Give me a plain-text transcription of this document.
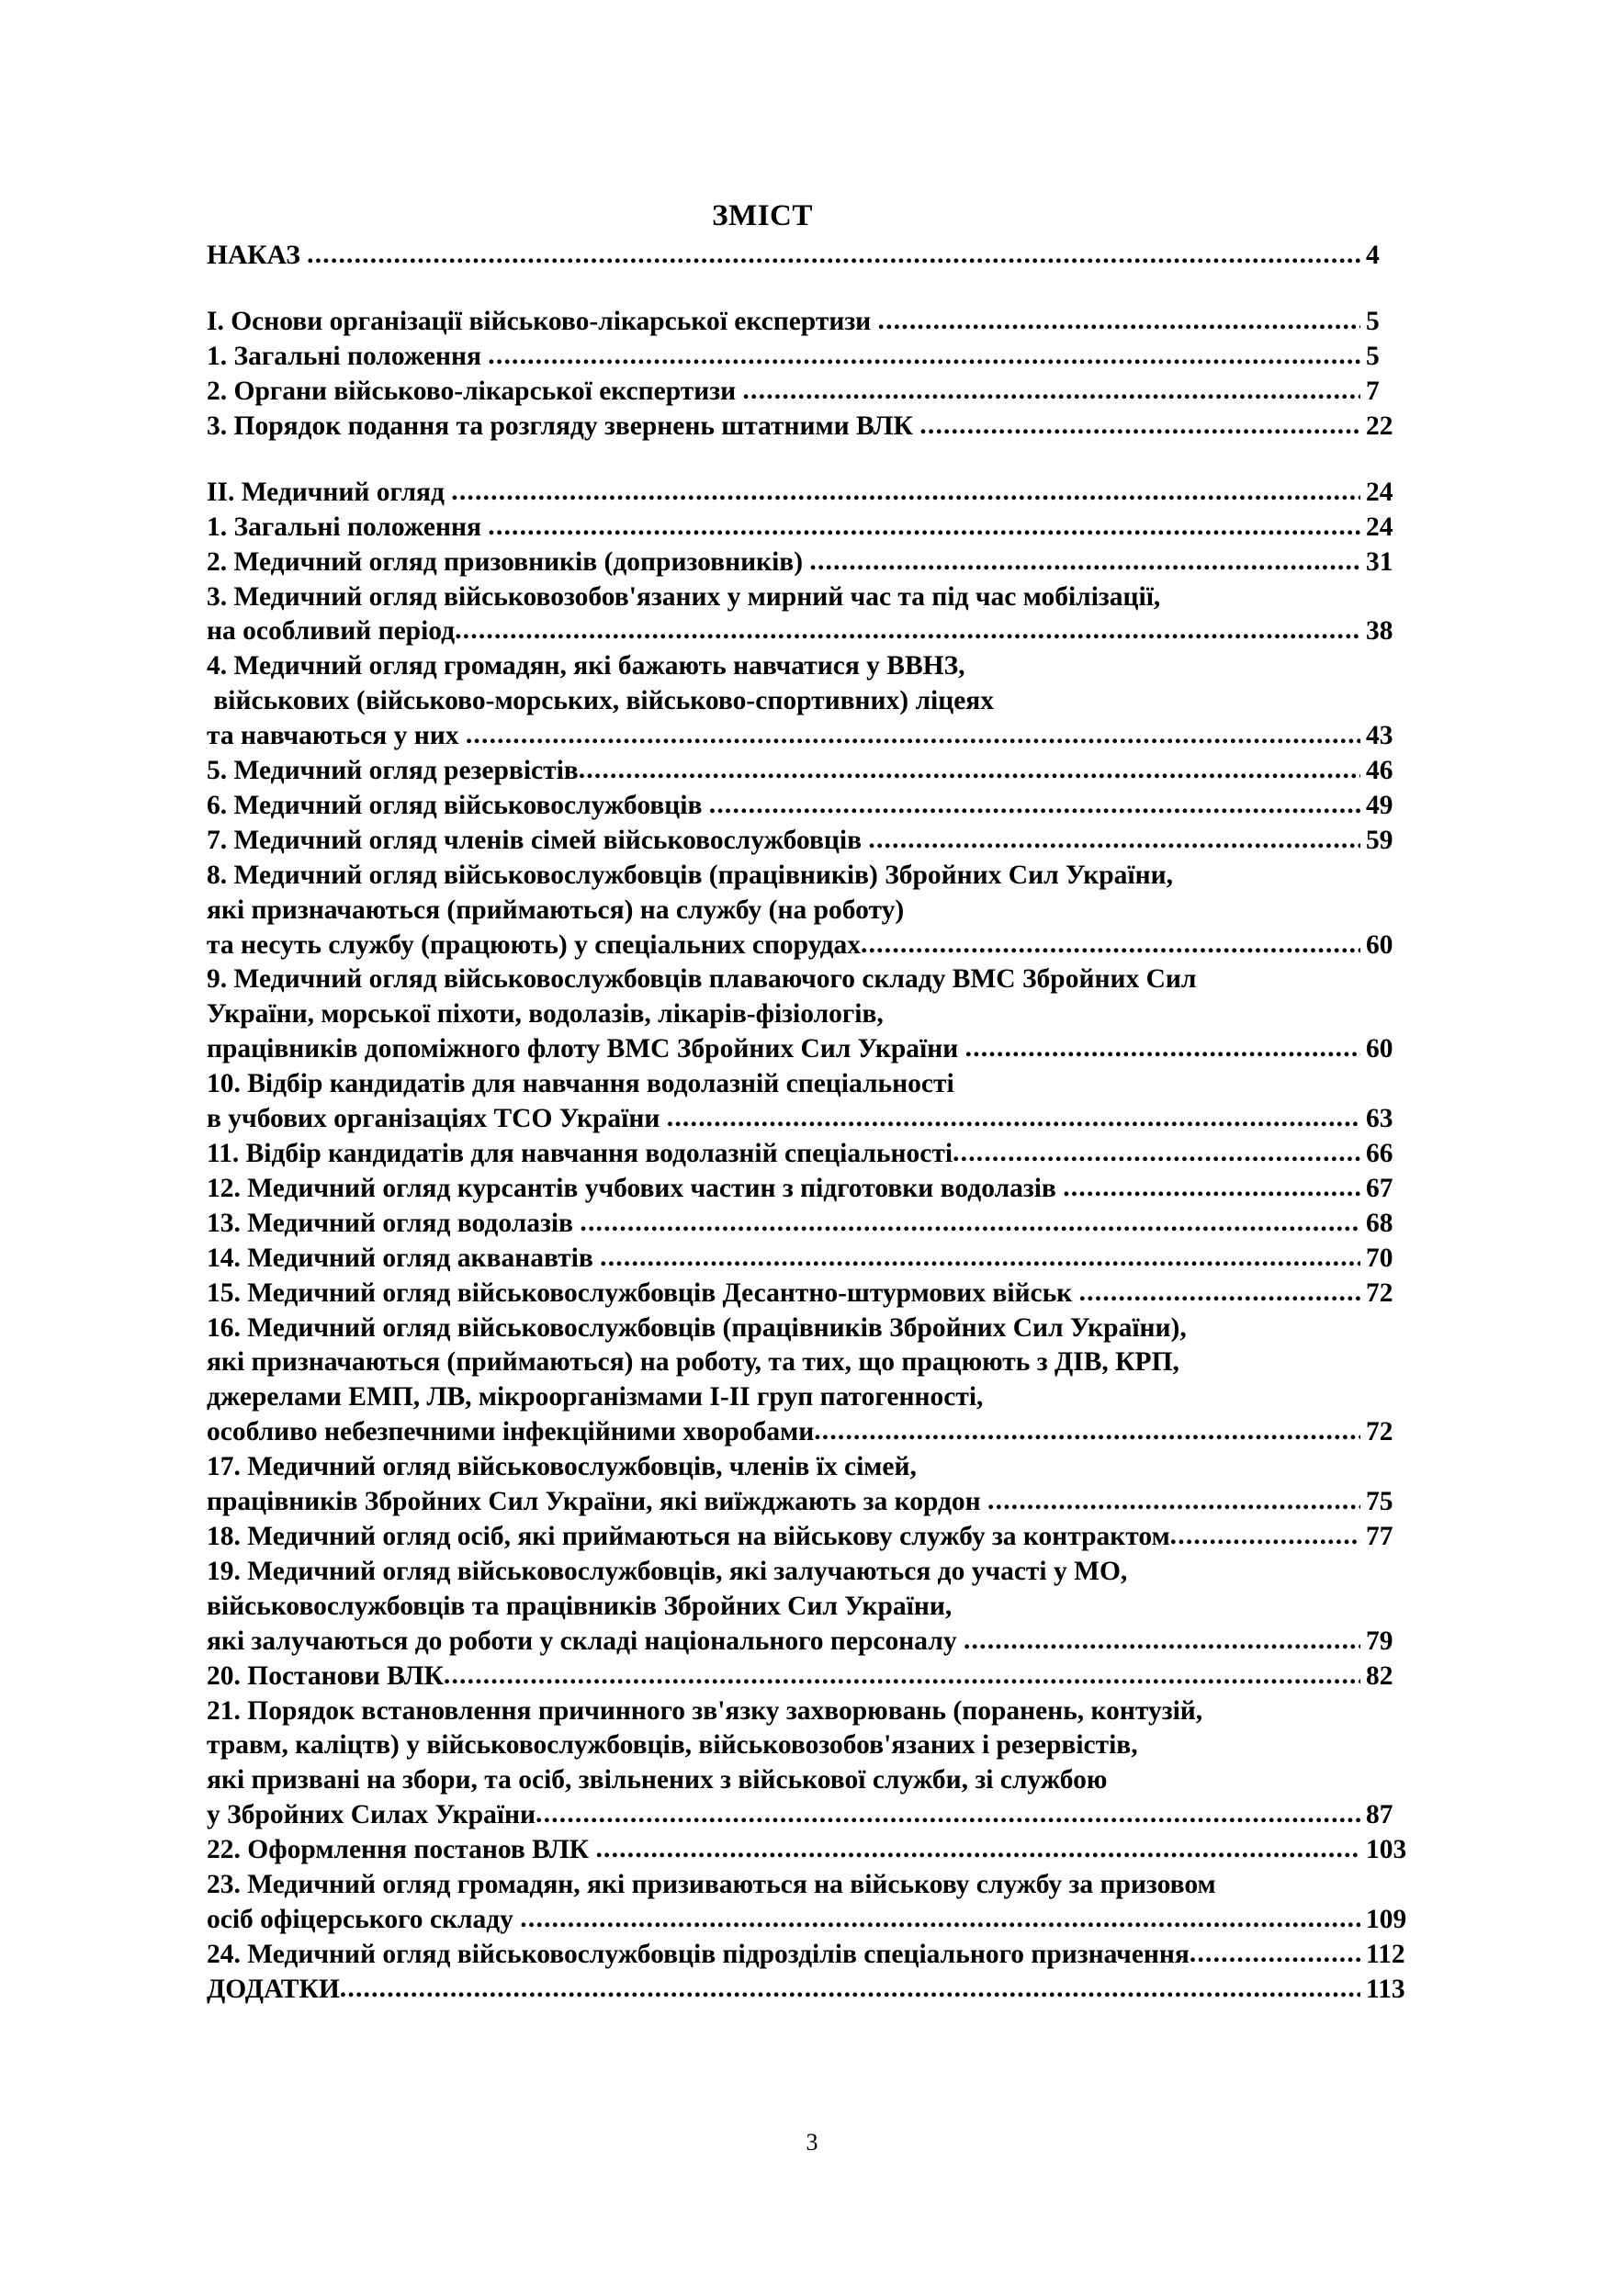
ЗМІСТ
НАКАЗ .....	4
І. Основи організації військово-лікарської експертизи .....	5
1. Загальні положення .....	5
2. Органи військово-лікарської експертизи .....	7
3. Порядок подання та розгляду звернень штатними ВЛК .....	22
ІІ. Медичний огляд .....	24
1. Загальні положення .....	24
2. Медичний огляд призовників (допризовників) .....	31
3. Медичний огляд військовозобов'язаних у мирний час та під час мобілізації,
на особливий період .....	38
4. Медичний огляд громадян, які бажають навчатися у ВВНЗ,
військових (військово-морських, військово-спортивних) ліцеях
та навчаються у них .....	43
5. Медичний огляд резервістів .....	46
6. Медичний огляд військовослужбовців .....	49
7. Медичний огляд членів сімей військовослужбовців .....	59
8. Медичний огляд військовослужбовців (працівників) Збройних Сил України,
які призначаються (приймаються) на службу (на роботу)
та несуть службу (працюють) у спеціальних спорудах .....	60
9. Медичний огляд військовослужбовців плаваючого складу ВМС Збройних Сил
України, морської піхоти, водолазів, лікарів-фізіологів,
працівників допоміжного флоту ВМС Збройних Сил України .....	60
10. Відбір кандидатів для навчання водолазній спеціальності
в учбових організаціях ТСО України .....	63
11. Відбір кандидатів для навчання водолазній спеціальності .....	66
12. Медичний огляд курсантів учбових частин з підготовки водолазів .....	67
13. Медичний огляд водолазів .....	68
14. Медичний огляд акванавтів .....	70
15. Медичний огляд військовослужбовців Десантно-штурмових військ .....	72
16. Медичний огляд військовослужбовців (працівників Збройних Сил України),
які призначаються (приймаються) на роботу, та тих, що працюють з ДІВ, КРП,
джерелами ЕМП, ЛВ, мікроорганізмами І-ІІ груп патогенності,
особливо небезпечними інфекційними хворобами .....	72
17. Медичний огляд військовослужбовців, членів їх сімей,
працівників Збройних Сил України, які виїжджають за кордон .....	75
18. Медичний огляд осіб, які приймаються на військову службу за контрактом .....	77
19. Медичний огляд військовослужбовців, які залучаються до участі у МО,
військовослужбовців та працівників Збройних Сил України,
які залучаються до роботи у складі національного персоналу .....	79
20. Постанови ВЛК .....	82
21. Порядок встановлення причинного зв'язку захворювань (поранень, контузій,
травм, каліцтв) у військовослужбовців, військовозобов'язаних і резервістів,
які призвані на збори, та осіб, звільнених з військової служби, зі службою
у Збройних Силах України .....	87
22. Оформлення постанов ВЛК .....	103
23. Медичний огляд громадян, які призиваються на військову службу за призовом
осіб офіцерського складу .....	109
24. Медичний огляд військовослужбовців підрозділів спеціального призначення .....	112
ДОДАТКИ .....	113
3
